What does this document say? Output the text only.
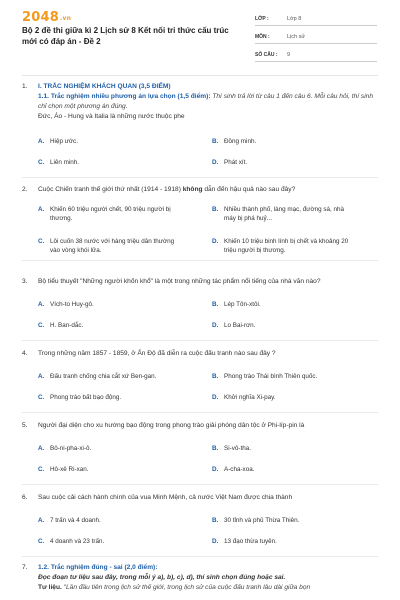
2048.vn
Bộ 2 đề thi giữa kì 2 Lịch sử 8 Kết nối tri thức cấu trúc mới có đáp án - Đề 2
LỚP :	Lớp 8
MÔN :	Lịch sử
SỐ CÂU :	9
1. I. TRẮC NGHIỆM KHÁCH QUAN (3,5 ĐIỂM)
1.1. Trắc nghiệm nhiều phương án lựa chọn (1,5 điểm): Thí sinh trả lời từ câu 1 đến câu 6. Mỗi câu hỏi, thí sinh chỉ chọn một phương án đúng.
Đức, Áo - Hung và Italia là những nước thuộc phe
A. Hiệp ước.	B. Đồng minh.
C. Liên minh.	D. Phát xít.
2. Cuộc Chiến tranh thế giới thứ nhất (1914 - 1918) không dẫn đến hậu quả nào sau đây?
A. Khiến 60 triệu người chết, 90 triệu người bị thương.
B. Nhiều thành phố, làng mạc, đường sá, nhà máy bị phá huỷ...
C. Lôi cuốn 38 nước với hàng triệu dân thường vào vòng khói lửa.
D. Khiến 10 triệu binh lính bị chết và khoảng 20 triệu người bị thương.
3. Bộ tiểu thuyết "Những người khốn khổ" là một trong những tác phẩm nổi tiếng của nhà văn nào?
A. Vích-to Huy-gô.	B. Lép Tôn-xtôi.
C. H. Ban-dắc.	D. Lo Bai-rơn.
4. Trong những năm 1857 - 1859, ở Ấn Độ đã diễn ra cuộc đấu tranh nào sau đây ?
A. Đấu tranh chống chia cắt xứ Ben-gan.	B. Phong trào Thái bình Thiên quốc.
C. Phong trào bất bạo động.	D. Khởi nghĩa Xi-pay.
5. Người đại diện cho xu hướng bạo động trong phong trào giải phóng dân tộc ở Phi-líp-pin là
A. Bô-ni-pha-xi-ô.	B. Si-vô-tha.
C. Hô-xê Ri-xan.	D. A-cha-xoa.
6. Sau cuộc cải cách hành chính của vua Minh Mệnh, cả nước Việt Nam được chia thành
A. 7 trấn và 4 doanh.	B. 30 tỉnh và phủ Thừa Thiên.
C. 4 doanh và 23 trấn.	D. 13 đạo thừa tuyên.
7. 1.2. Trắc nghiệm đúng - sai (2,0 điểm):
Đọc đoạn tư liệu sau đây, trong mỗi ý a), b), c), d), thí sinh chọn đúng hoặc sai.
Tư liệu. "Lần đầu tiên trong lịch sử thế giới, trong lịch sử của cuộc đấu tranh lâu dài giữa bọn
